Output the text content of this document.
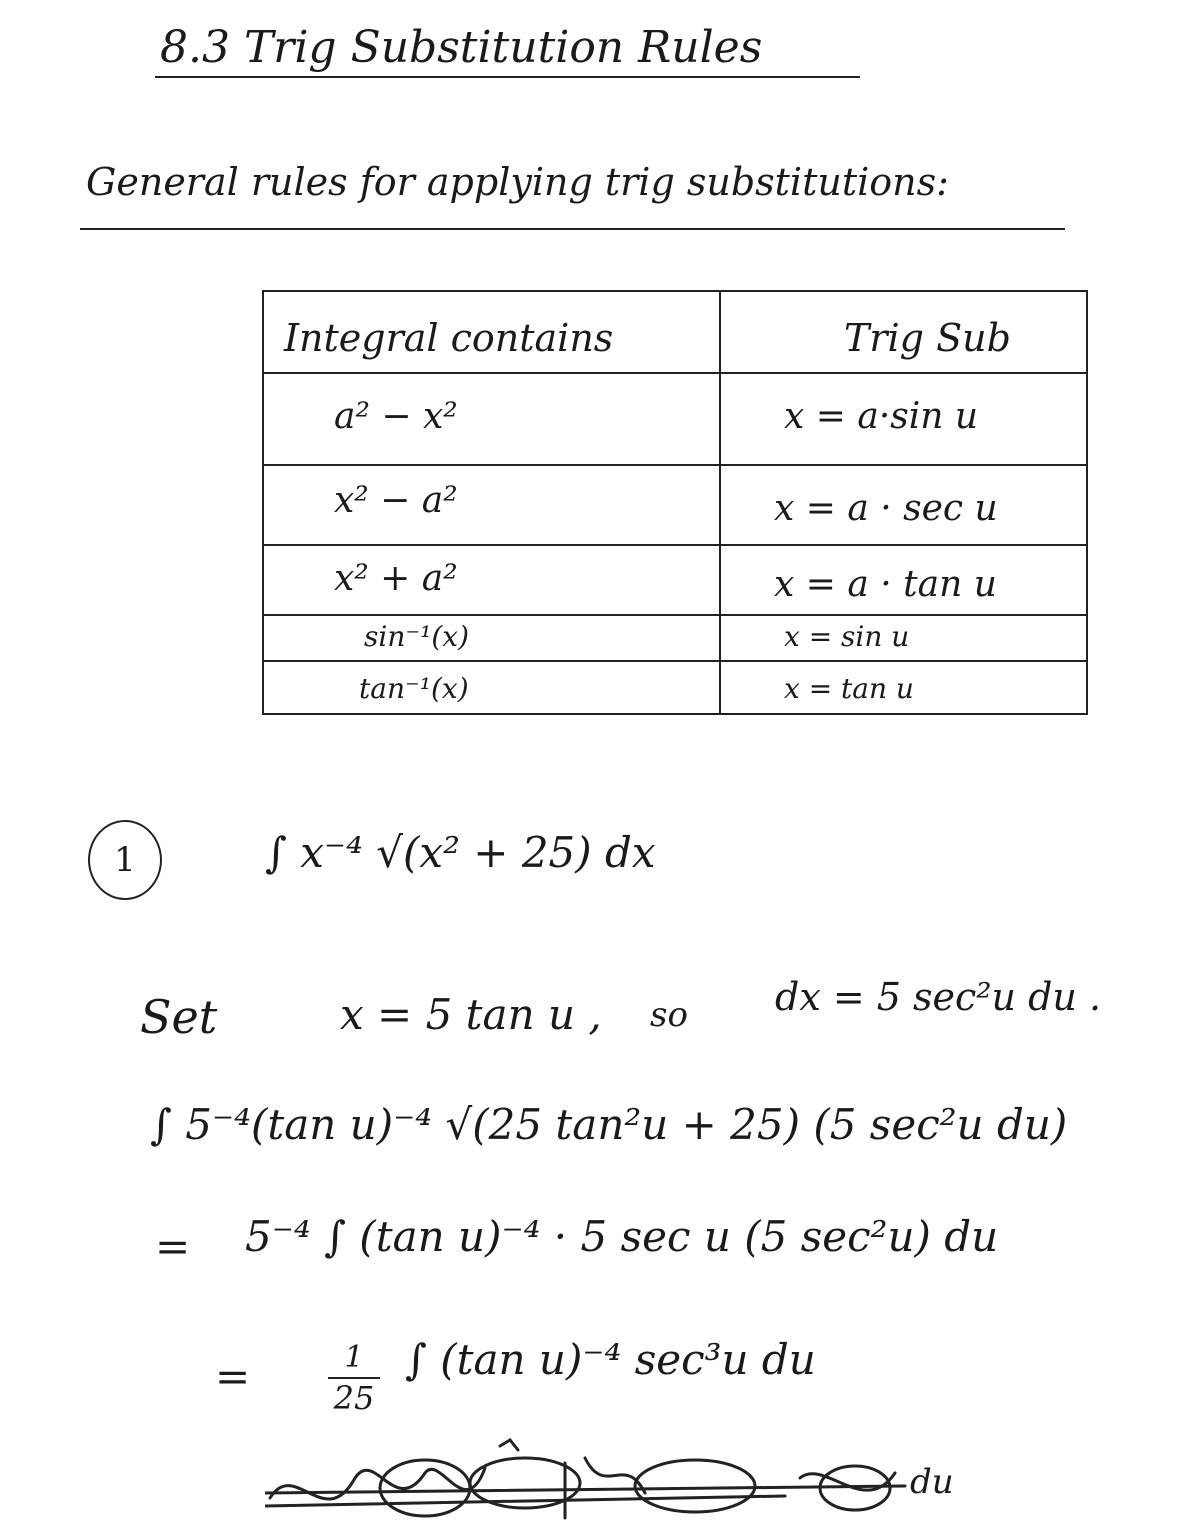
8.3 Trig Substitution Rules
General rules for applying trig substitutions:
Integral contains	Trig Sub
a² − x²	x = a·sin u
x² − a²	x = a · sec u
x² + a²	x = a · tan u
sin⁻¹(x)	x = sin u
tan⁻¹(x)	x = tan u
1	∫ x⁻⁴ √(x² + 25) dx
Set	x = 5 tan u , so dx = 5 sec²u du .
∫ 5⁻⁴(tan u)⁻⁴ √(25 tan²u + 25) (5 sec²u du)
= 5⁻⁴ ∫ (tan u)⁻⁴ · 5 sec u (5 sec²u) du
=	$\frac{1}{25}$ ∫ (tan u)⁻⁴ sec³u du
du
